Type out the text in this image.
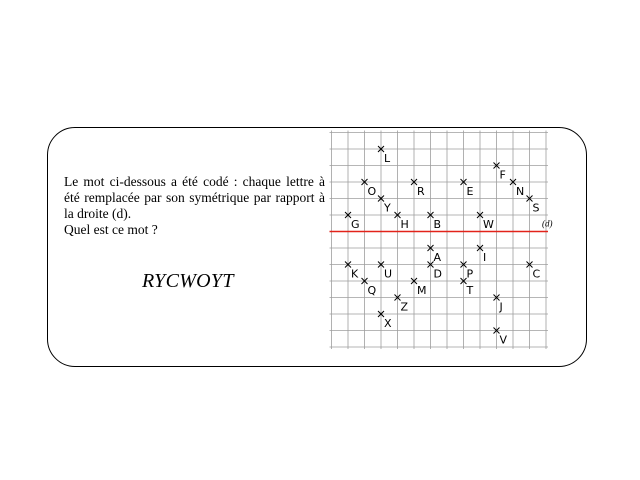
Le mot ci-dessous a été codé : chaque lettre à été remplacée par son symétrique par rapport à la droite (d).

Quel est ce mot ?

RYCWOYT
(d)
L
F
O	R	E	N
Y	S
G	H B	W
A	I
K U	D P	C
Q	M	T
Z	J
X
V
